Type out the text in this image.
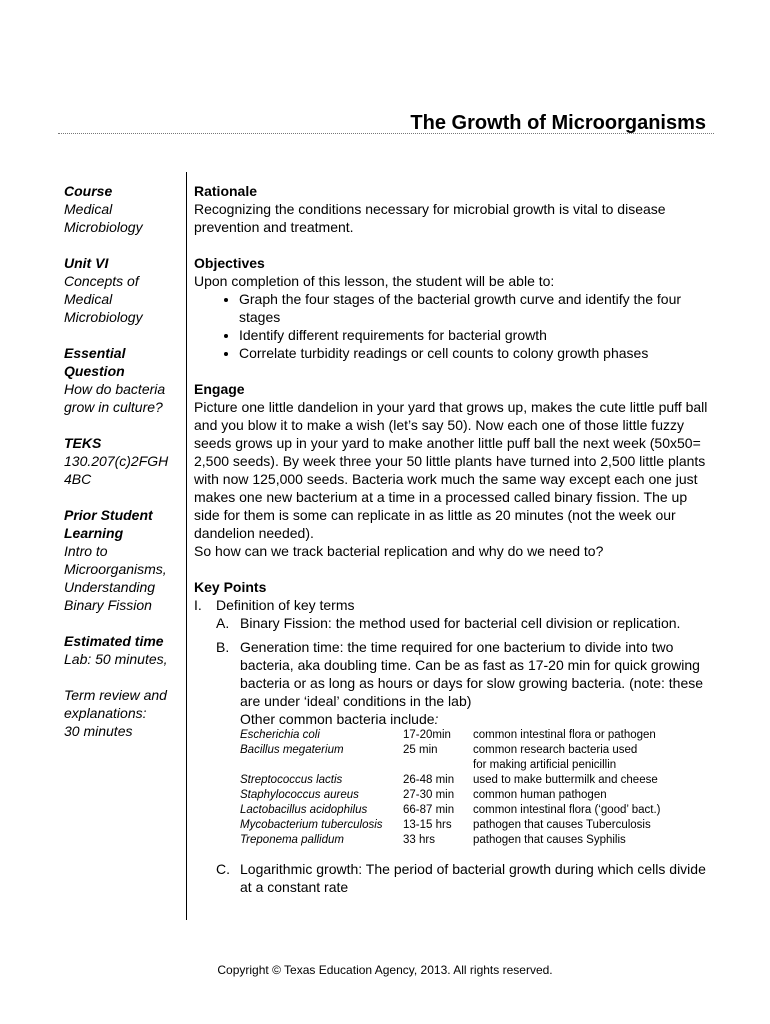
The Growth of Microorganisms
Course
Medical
Microbiology
Unit VI
Concepts of
Medical
Microbiology
Essential
Question
How do bacteria
grow in culture?
TEKS
130.207(c)2FGH
4BC
Prior Student
Learning
Intro to
Microorganisms,
Understanding
Binary Fission
Estimated time
Lab: 50 minutes,
Term review and
explanations:
30 minutes
Rationale
Recognizing the conditions necessary for microbial growth is vital to disease prevention and treatment.
Objectives
Upon completion of this lesson, the student will be able to:
• Graph the four stages of the bacterial growth curve and identify the four stages
• Identify different requirements for bacterial growth
• Correlate turbidity readings or cell counts to colony growth phases
Engage
Picture one little dandelion in your yard that grows up, makes the cute little puff ball and you blow it to make a wish (let’s say 50). Now each one of those little fuzzy seeds grows up in your yard to make another little puff ball the next week (50x50= 2,500 seeds). By week three your 50 little plants have turned into 2,500 little plants with now 125,000 seeds. Bacteria work much the same way except each one just makes one new bacterium at a time in a processed called binary fission. The up side for them is some can replicate in as little as 20 minutes (not the week our dandelion needed).
So how can we track bacterial replication and why do we need to?
Key Points
I.	Definition of key terms
A. Binary Fission: the method used for bacterial cell division or replication.
B. Generation time: the time required for one bacterium to divide into two bacteria, aka doubling time. Can be as fast as 17-20 min for quick growing bacteria or as long as hours or days for slow growing bacteria. (note: these are under ‘ideal’ conditions in the lab)
Other common bacteria include:
Escherichia coli	17-20min	common intestinal flora or pathogen
Bacillus megaterium	25 min	common research bacteria used
		for making artificial penicillin
Streptococcus lactis	26-48 min	used to make buttermilk and cheese
Staphylococcus aureus	27-30 min	common human pathogen
Lactobacillus acidophilus	66-87 min	common intestinal flora (‘good’ bact.)
Mycobacterium tuberculosis	13-15 hrs	pathogen that causes Tuberculosis
Treponema pallidum	33 hrs	pathogen that causes Syphilis
C. Logarithmic growth: The period of bacterial growth during which cells divide at a constant rate
Copyright © Texas Education Agency, 2013. All rights reserved.
